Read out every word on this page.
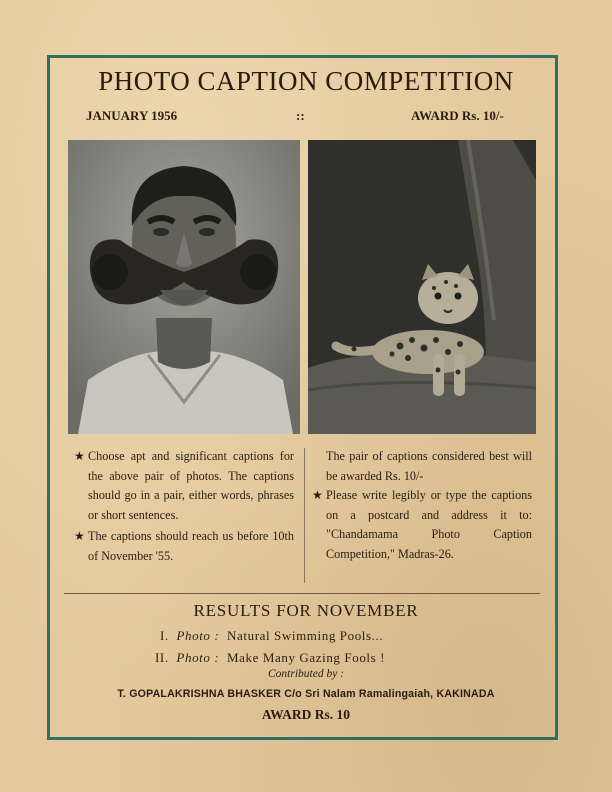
PHOTO CAPTION COMPETITION
JANUARY 1956	::	AWARD Rs. 10/-
★ Choose apt and significant captions for the above pair of photos. The captions should go in a pair, either words, phrases or short sentences.
★ The captions should reach us before 10th of November '55.
The pair of captions considered best will be awarded Rs. 10/-
★ Please write legibly or type the captions on a postcard and address it to: "Chandamama Photo Caption Competition," Madras-26.
RESULTS FOR NOVEMBER
I. Photo : Natural Swimming Pools...
II. Photo : Make Many Gazing Fools !
Contributed by :
T. GOPALAKRISHNA BHASKER C/o Sri Nalam Ramalingaiah, KAKINADA
AWARD Rs. 10
